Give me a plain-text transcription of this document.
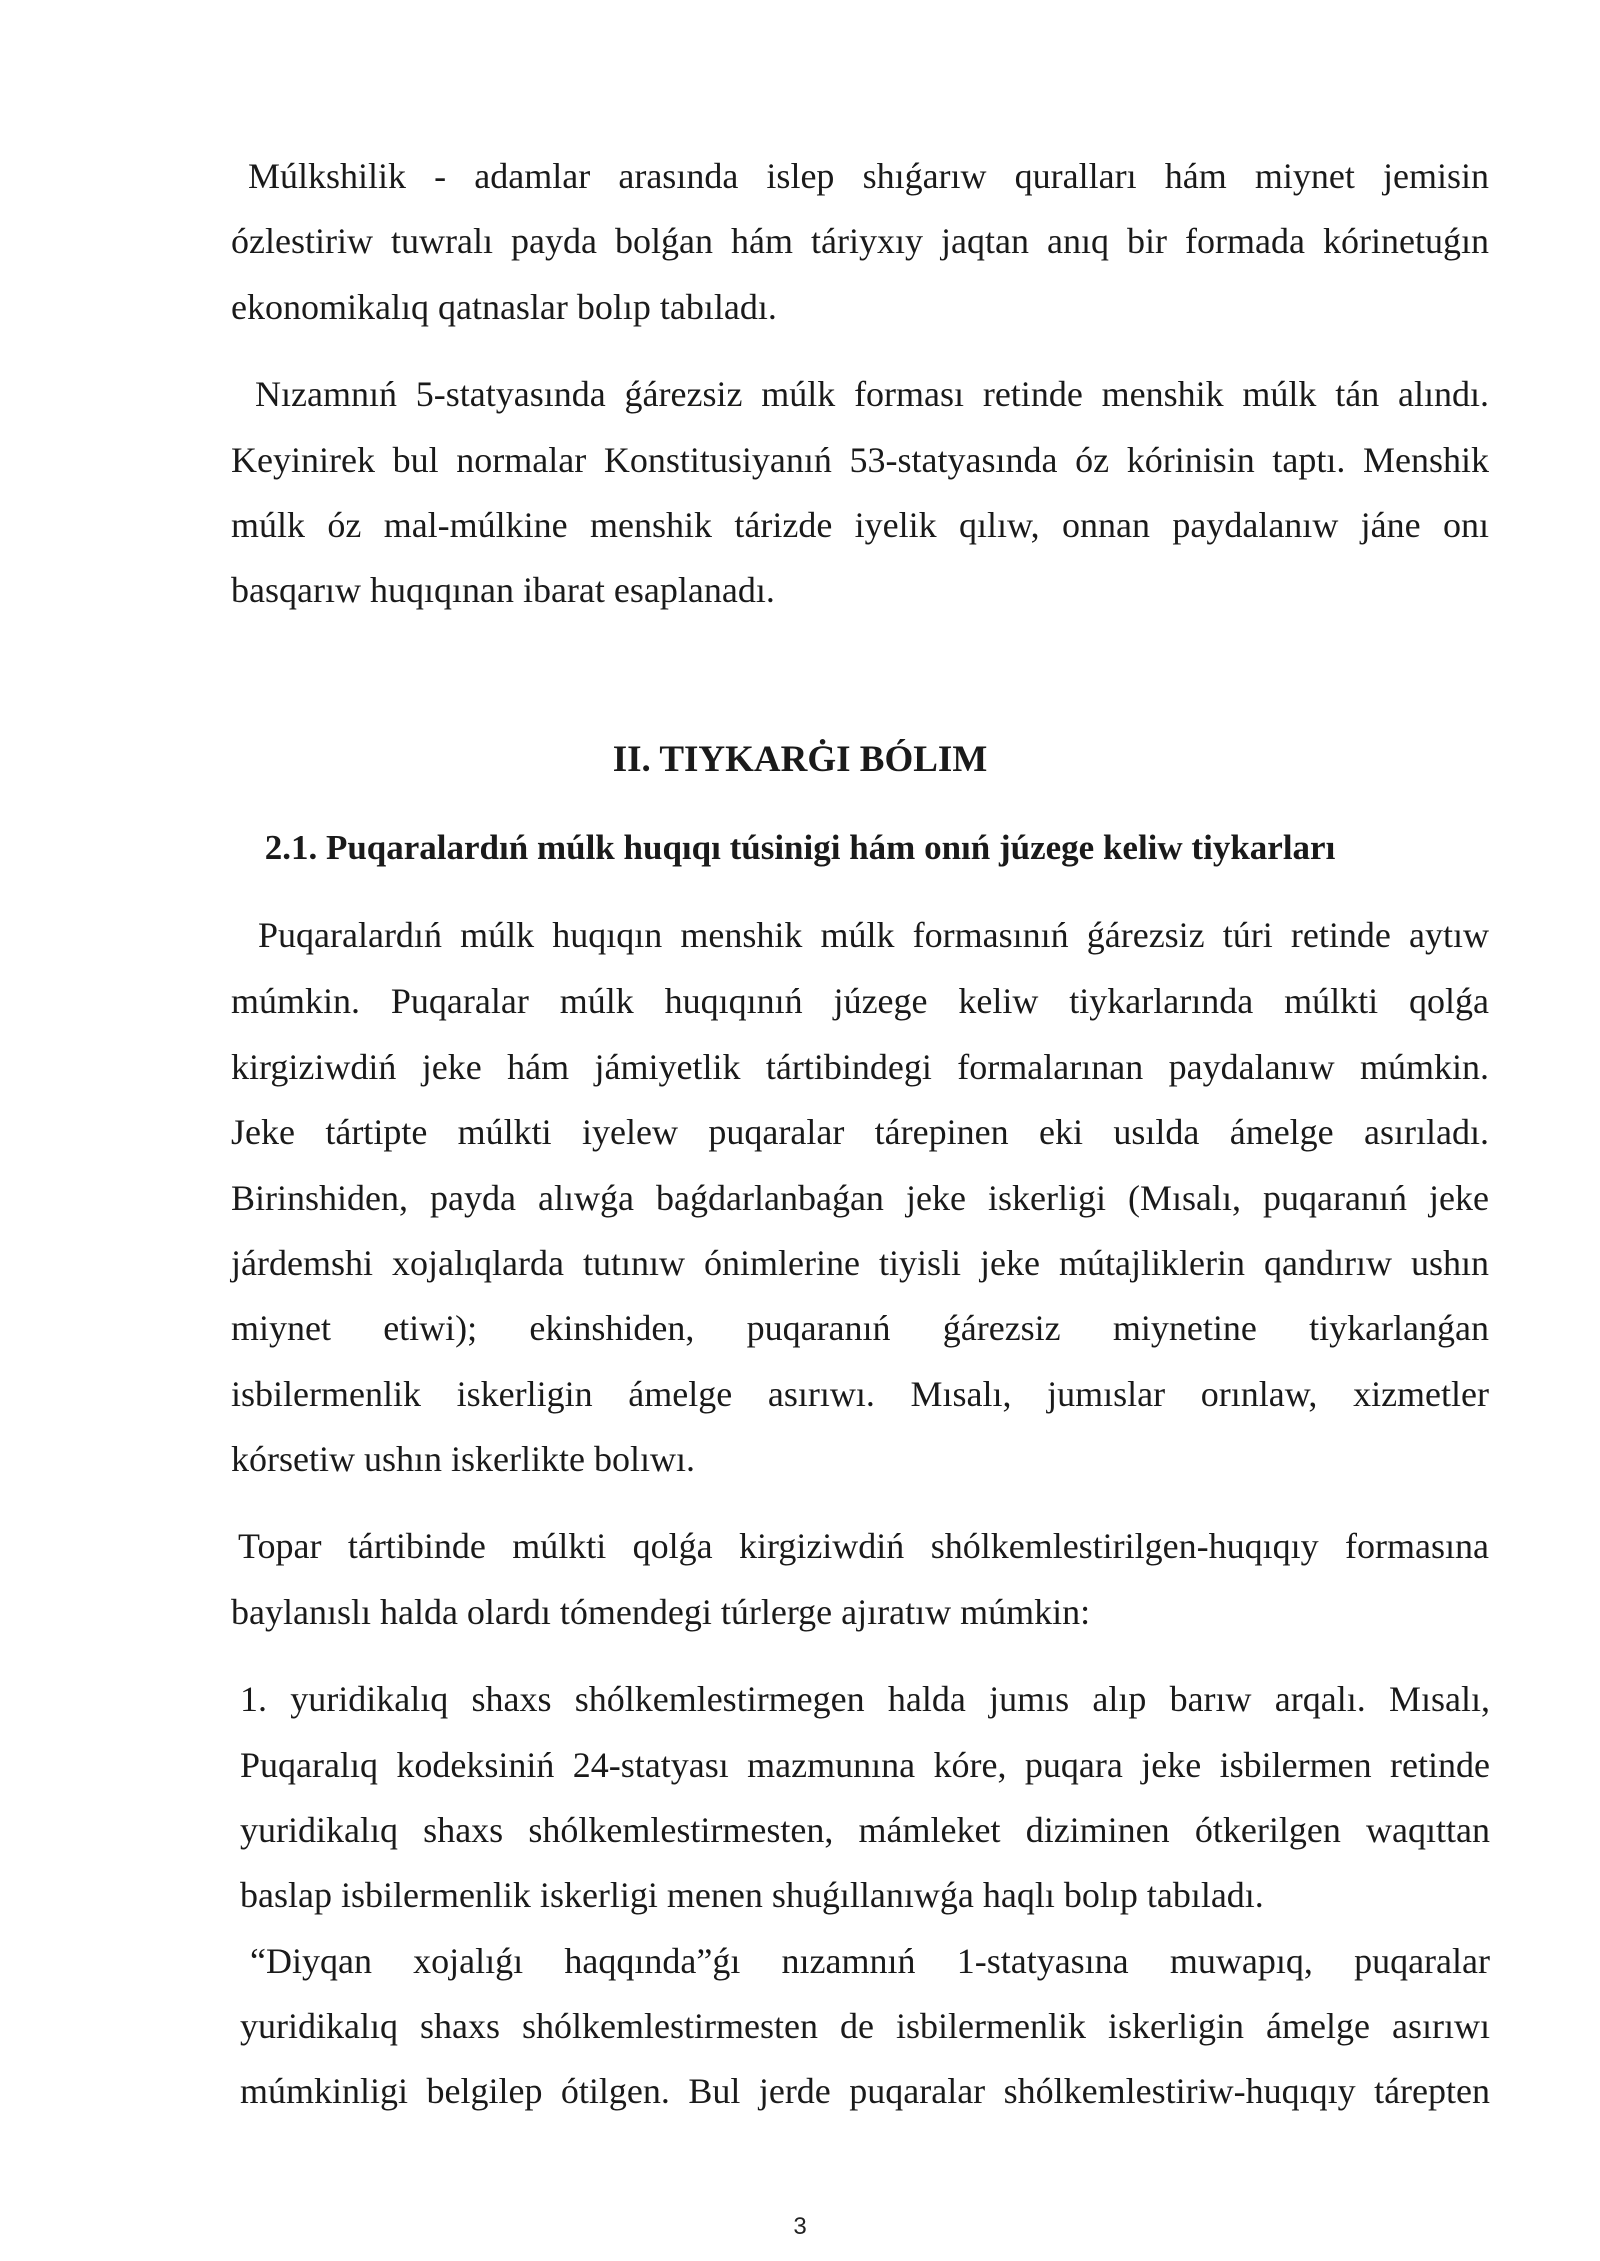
Múlkshilik - adamlar arasında islep shıǵarıw quralları hám miynet jemisin
ózlestiriw tuwralı payda bolǵan hám táriyxıy jaqtan anıq bir formada kórinetuǵın
ekonomikalıq qatnaslar bolıp tabıladı.
Nızamnıń 5-statyasında ǵárezsiz múlk forması retinde menshik múlk tán alındı.
Keyinirek bul normalar Konstitusiyanıń 53-statyasında óz kórinisin taptı. Menshik
múlk óz mal-múlkine menshik tárizde iyelik qılıw, onnan paydalanıw jáne onı
basqarıw huqıqınan ibarat esaplanadı.
II. TIYKARĠI BÓLIM
2.1. Puqaralardıń múlk huqıqı túsinigi hám onıń júzege keliw tiykarları
Puqaralardıń múlk huqıqın menshik múlk formasınıń ǵárezsiz túri retinde aytıw
múmkin. Puqaralar múlk huqıqınıń júzege keliw tiykarlarında múlkti qolǵa
kirgiziwdiń jeke hám jámiyetlik tártibindegi formalarınan paydalanıw múmkin.
Jeke tártipte múlkti iyelew puqaralar tárepinen eki usılda ámelge asırıladı.
Birinshiden, payda alıwǵa baǵdarlanbaǵan jeke iskerligi (Mısalı, puqaranıń jeke
járdemshi xojalıqlarda tutınıw ónimlerine tiyisli jeke mútajliklerin qandırıw ushın
miynet etiwi); ekinshiden, puqaranıń ǵárezsiz miynetine tiykarlanǵan
isbilermenlik iskerligin ámelge asırıwı. Mısalı, jumıslar orınlaw, xizmetler
kórsetiw ushın iskerlikte bolıwı.
Topar tártibinde múlkti qolǵa kirgiziwdiń shólkemlestirilgen-huqıqıy formasına
baylanıslı halda olardı tómendegi túrlerge ajıratıw múmkin:
1. yuridikalıq shaxs shólkemlestirmegen halda jumıs alıp barıw arqalı. Mısalı,
Puqaralıq kodeksiniń 24-statyası mazmunına kóre, puqara jeke isbilermen retinde
yuridikalıq shaxs shólkemlestirmesten, mámleket diziminen ótkerilgen waqıttan
baslap isbilermenlik iskerligi menen shuǵıllanıwǵa haqlı bolıp tabıladı.
“Diyqan xojalıǵı haqqında”ǵı nızamnıń 1-statyasına muwapıq, puqaralar
yuridikalıq shaxs shólkemlestirmesten de isbilermenlik iskerligin ámelge asırıwı
múmkinligi belgilep ótilgen. Bul jerde puqaralar shólkemlestiriw-huqıqıy tárepten
3
